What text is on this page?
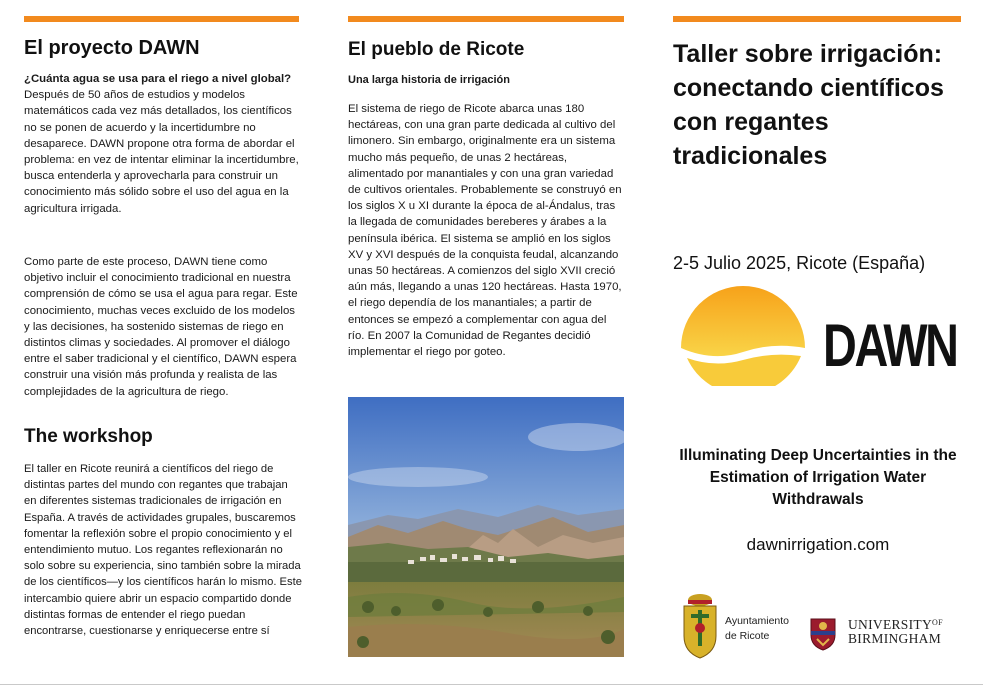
El proyecto DAWN

¿Cuánta agua se usa para el riego a nivel global? Después de 50 años de estudios y modelos matemáticos cada vez más detallados, los científicos no se ponen de acuerdo y la incertidumbre no desaparece. DAWN propone otra forma de abordar el problema: en vez de intentar eliminar la incertidumbre, busca entenderla y aprovecharla para construir un conocimiento más sólido sobre el uso del agua en la agricultura irrigada.

Como parte de este proceso, DAWN tiene como objetivo incluir el conocimiento tradicional en nuestra comprensión de cómo se usa el agua para regar. Este conocimiento, muchas veces excluido de los modelos y las decisiones, ha sostenido sistemas de riego en distintos climas y sociedades. Al promover el diálogo entre el saber tradicional y el científico, DAWN espera construir una visión más profunda y realista de las complejidades de la agricultura de riego.

The workshop

El taller en Ricote reunirá a científicos del riego de distintas partes del mundo con regantes que trabajan en diferentes sistemas tradicionales de irrigación en España. A través de actividades grupales, buscaremos fomentar la reflexión sobre el propio conocimiento y el entendimiento mutuo. Los regantes reflexionarán no solo sobre su experiencia, sino también sobre la mirada de los científicos—y los científicos harán lo mismo. Este intercambio quiere abrir un espacio compartido donde distintas formas de entender el riego puedan encontrarse, cuestionarse y enriquecerse entre sí

El pueblo de Ricote
Una larga historia de irrigación

El sistema de riego de Ricote abarca unas 180 hectáreas, con una gran parte dedicada al cultivo del limonero. Sin embargo, originalmente era un sistema mucho más pequeño, de unas 2 hectáreas, alimentado por manantiales y con una gran variedad de cultivos orientales. Probablemente se construyó en los siglos X u XI durante la época de al-Ándalus, tras la llegada de comunidades bereberes y árabes a la península ibérica. El sistema se amplió en los siglos XV y XVI después de la conquista feudal, alcanzando unas 50 hectáreas. A comienzos del siglo XVII creció aún más, llegando a unas 120 hectáreas. Hasta 1970, el riego dependía de los manantiales; a partir de entonces se empezó a complementar con agua del río. En 2007 la Comunidad de Regantes decidió implementar el riego por goteo.

Taller sobre irrigación: conectando científicos con regantes tradicionales
2-5 Julio 2025, Ricote (España)
DAWN
Illuminating Deep Uncertainties in the Estimation of Irrigation Water Withdrawals
dawnirrigation.com
Ayuntamiento
de Ricote
$UNIVERSITY^{OF}$
BIRMINGHAM
